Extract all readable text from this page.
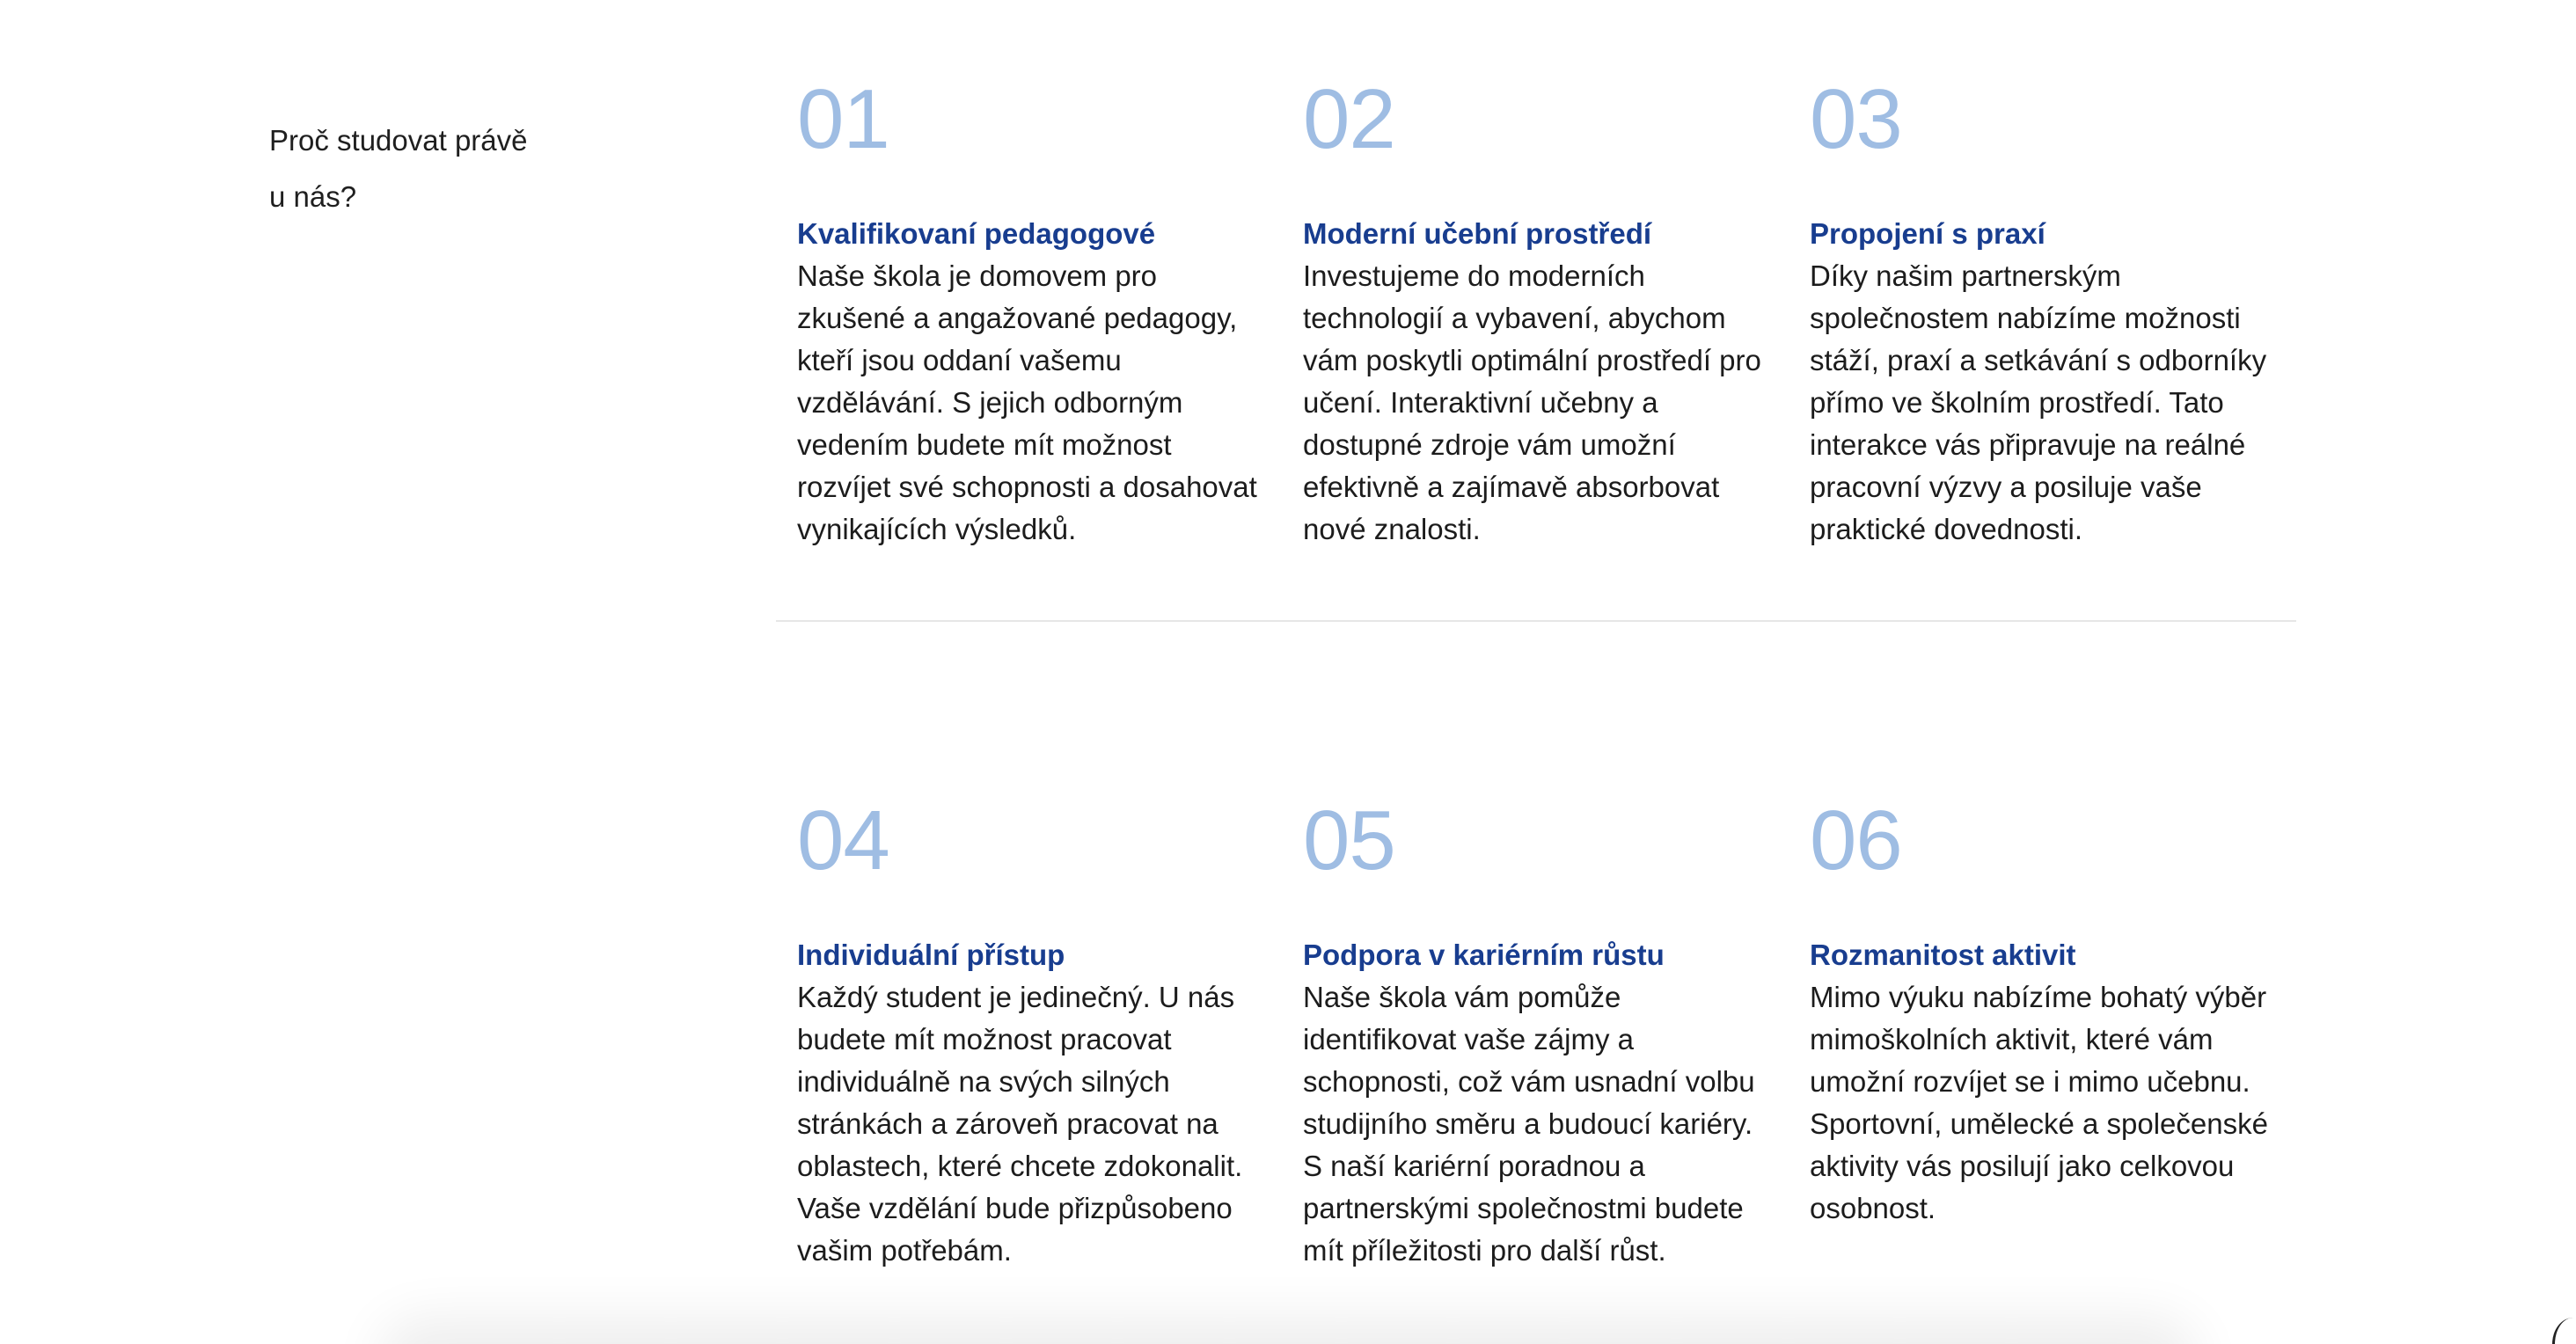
Proč studovat právě
u nás?
01
Kvalifikovaní pedagogové
Naše škola je domovem pro zkušené a angažované pedagogy, kteří jsou oddaní vašemu vzdělávání. S jejich odborným vedením budete mít možnost rozvíjet své schopnosti a dosahovat vynikajících výsledků.
02
Moderní učební prostředí
Investujeme do moderních technologií a vybavení, abychom vám poskytli optimální prostředí pro učení. Interaktivní učebny a dostupné zdroje vám umožní efektivně a zajímavě absorbovat nové znalosti.
03
Propojení s praxí
Díky našim partnerským společnostem nabízíme možnosti stáží, praxí a setkávání s odborníky přímo ve školním prostředí. Tato interakce vás připravuje na reálné pracovní výzvy a posiluje vaše praktické dovednosti.
04
Individuální přístup
Každý student je jedinečný. U nás budete mít možnost pracovat individuálně na svých silných stránkách a zároveň pracovat na oblastech, které chcete zdokonalit. Vaše vzdělání bude přizpůsobeno vašim potřebám.
05
Podpora v kariérním růstu
Naše škola vám pomůže identifikovat vaše zájmy a schopnosti, což vám usnadní volbu studijního směru a budoucí kariéry. S naší kariérní poradnou a partnerskými společnostmi budete mít příležitosti pro další růst.
06
Rozmanitost aktivit
Mimo výuku nabízíme bohatý výběr mimoškolních aktivit, které vám umožní rozvíjet se i mimo učebnu. Sportovní, umělecké a společenské aktivity vás posilují jako celkovou osobnost.
